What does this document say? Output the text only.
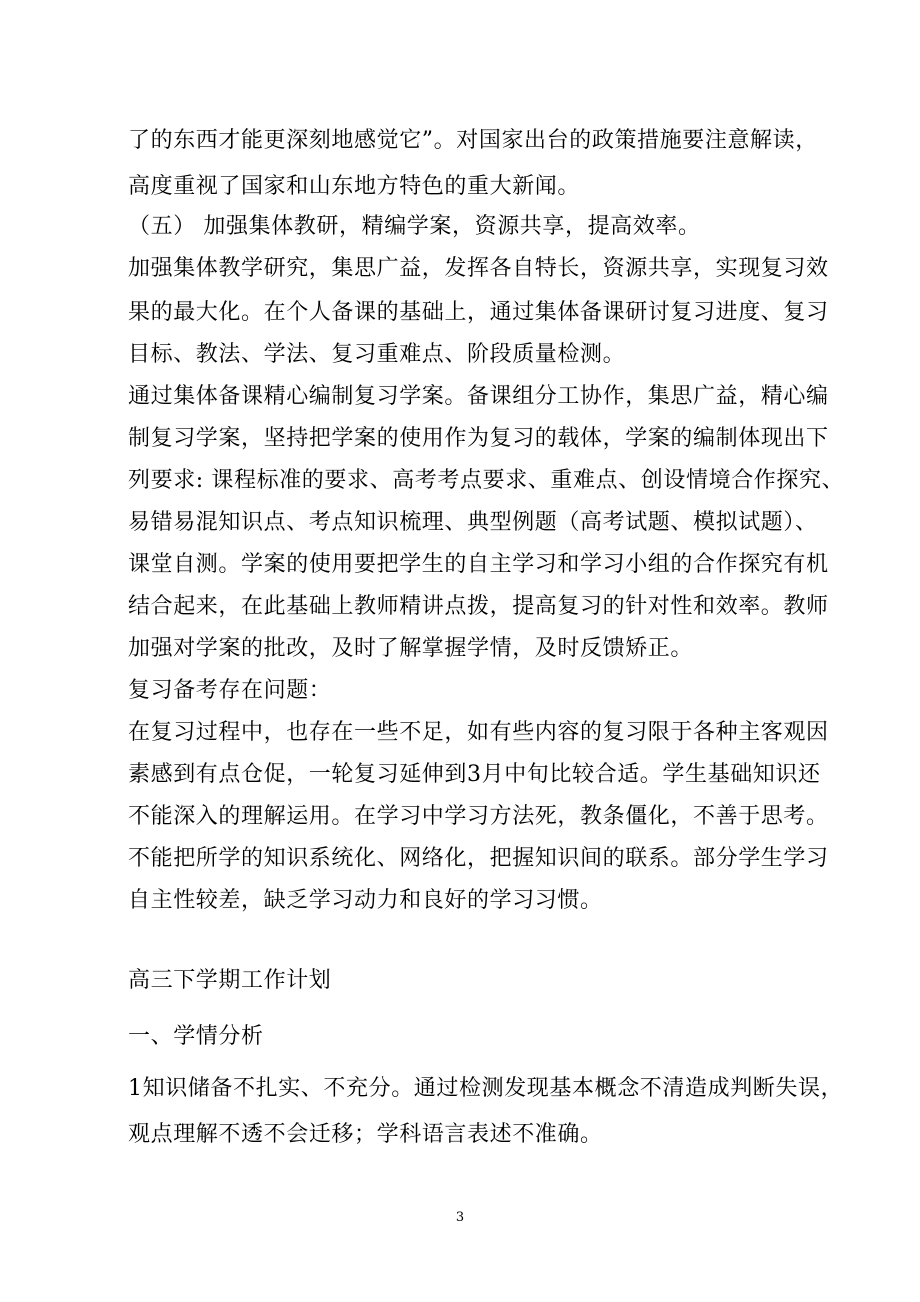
了的东西才能更深刻地感觉它”。对国家出台的政策措施要注意解读，
高度重视了国家和山东地方特色的重大新闻。
（五） 加强集体教研，精编学案，资源共享，提高效率。
加强集体教学研究，集思广益，发挥各自特长，资源共享，实现复习效
果的最大化。在个人备课的基础上，通过集体备课研讨复习进度、复习
目标、教法、学法、复习重难点、阶段质量检测。
通过集体备课精心编制复习学案。备课组分工协作，集思广益，精心编
制复习学案，坚持把学案的使用作为复习的载体，学案的编制体现出下
列要求: 课程标准的要求、高考考点要求、重难点、创设情境合作探究、
易错易混知识点、考点知识梳理、典型例题（高考试题、模拟试题）、
课堂自测。学案的使用要把学生的自主学习和学习小组的合作探究有机
结合起来，在此基础上教师精讲点拨，提高复习的针对性和效率。教师
加强对学案的批改，及时了解掌握学情，及时反馈矫正。
复习备考存在问题：
在复习过程中，也存在一些不足，如有些内容的复习限于各种主客观因
素感到有点仓促，一轮复习延伸到3月中旬比较合适。学生基础知识还
不能深入的理解运用。在学习中学习方法死，教条僵化，不善于思考。
不能把所学的知识系统化、网络化，把握知识间的联系。部分学生学习
自主性较差，缺乏学习动力和良好的学习习惯。
高三下学期工作计划
一、学情分析
1知识储备不扎实、不充分。通过检测发现基本概念不清造成判断失误，
观点理解不透不会迁移；学科语言表述不准确。
3
